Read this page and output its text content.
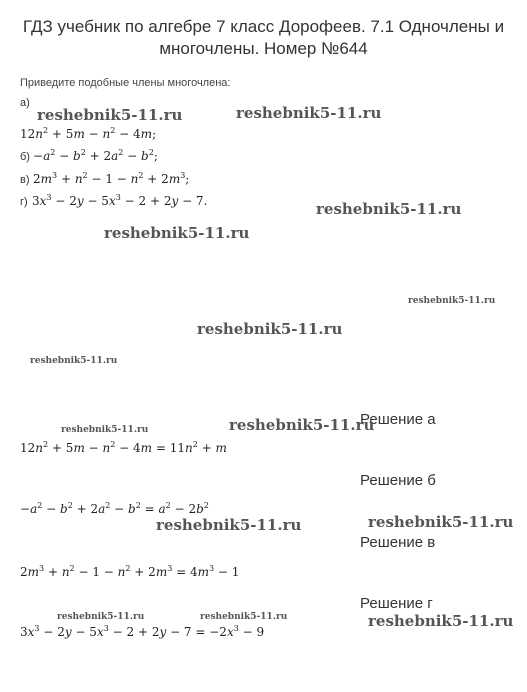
ГДЗ учебник по алгебре 7 класс Дорофеев. 7.1 Одночлены и
многочлены. Номер №644
Приведите подобные члены многочлена:
а)
$12n^2 + 5m - n^2 - 4m$;
$б) -a^2 - b^2 + 2a^2 - b^2$;
в) $2m^3 + n^2 - 1 - n^2 + 2m^3$;
г) $3x^3 - 2y - 5x^3 - 2 + 2y - 7$.
Решение а
$12n^2 + 5m - n^2 - 4m = 11n^2 + m$
Решение б
$-a^2 - b^2 + 2a^2 - b^2 = a^2 - 2b^2$
Решение в
$2m^3 + n^2 - 1 - n^2 + 2m^3 = 4m^3 - 1$
Решение г
$3x^3 - 2y - 5x^3 - 2 + 2y - 7 = -2x^3 - 9$
reshebnik5-11.ru	reshebnik5-11.ru
reshebnik5-11.ru
reshebnik5-11.ru
reshebnik5-11.ru
reshebnik5-11.ru
reshebnik5-11.ru
reshebnik5-11.ru	reshebnik5-11.ru
reshebnik5-11.ru	reshebnik5-11.ru
reshebnik5-11.ru	reshebnik5-11.ru	reshebnik5-11.ru
